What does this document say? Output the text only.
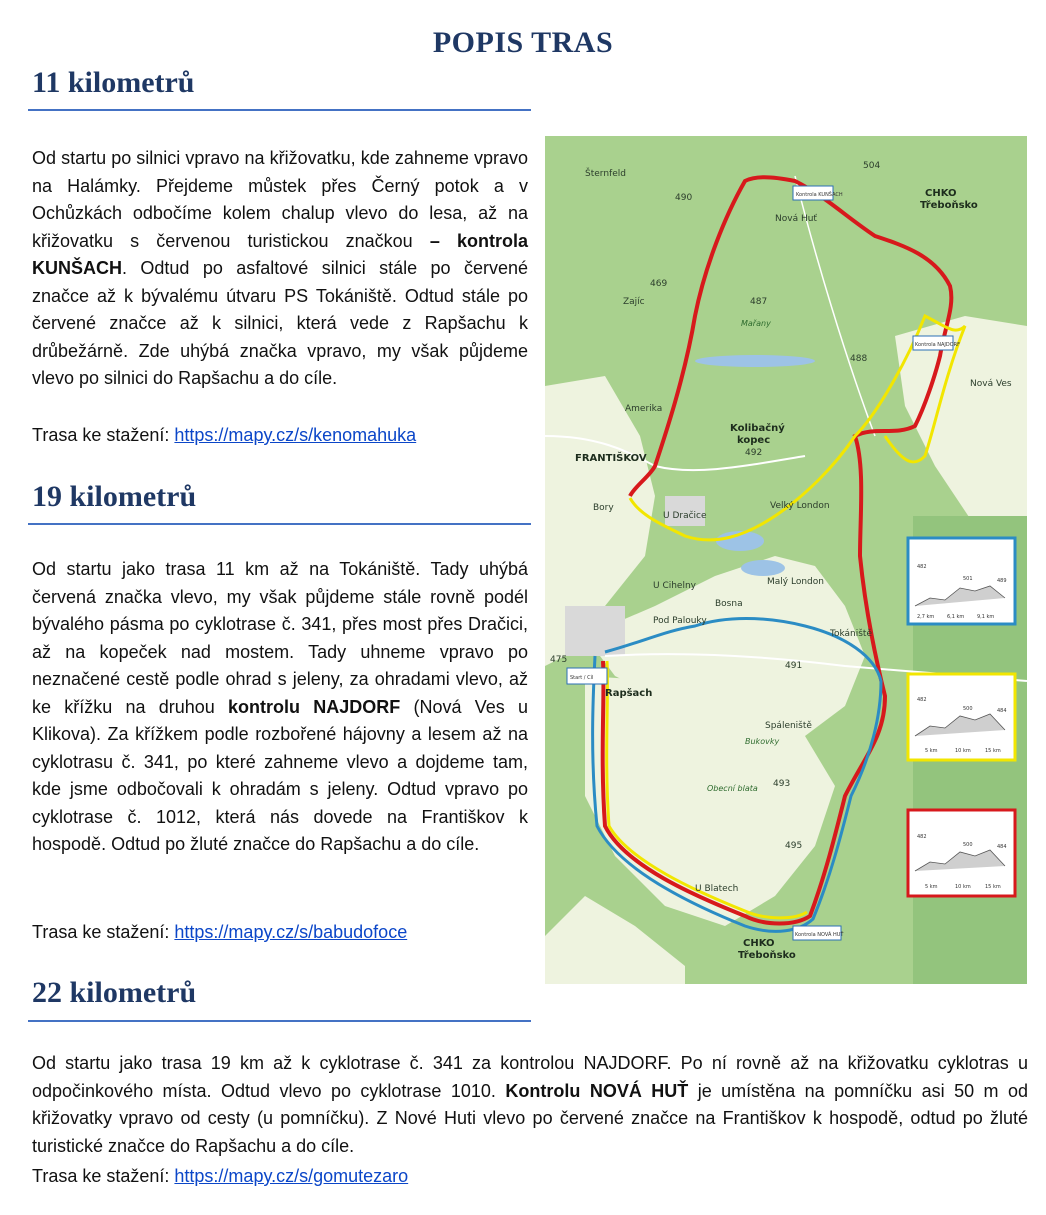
POPIS TRAS
11 kilometrů

Od startu po silnici vpravo na křižovatku, kde zahneme vpravo na Halámky. Přejdeme můstek přes Černý potok a v Ochůzkách odbočíme kolem chalup vlevo do lesa, až na křižovatku s červenou turistickou značkou – kontrola KUNŠACH. Odtud po asfaltové silnici stále po červené značce až k bývalému útvaru PS Tokániště. Odtud stále po červené značce až k silnici, která vede z Rapšachu k drůbežárně. Zde uhýbá značka vpravo, my však půjdeme vlevo po silnici do Rapšachu a do cíle.

Trasa ke stažení: https://mapy.cz/s/kenomahuka

19 kilometrů

Od startu jako trasa 11 km až na Tokániště. Tady uhýbá červená značka vlevo, my však půjdeme stále rovně podél bývalého pásma po cyklotrase č. 341, přes most přes Dračici, až na kopeček nad mostem. Tady uhneme vpravo po neznačené cestě podle ohrad s jeleny, za ohradami vlevo, až ke křížku na druhou kontrolu NAJDORF (Nová Ves u Klikova). Za křížkem podle rozbořené hájovny a lesem až na cyklotrasu č. 341, po které zahneme vlevo a dojdeme tam, kde jsme odbočovali k ohradám s jeleny. Odtud vpravo po cyklotrase č. 1012, která nás dovede na Františkov k hospodě. Odtud po žluté značce do Rapšachu a do cíle.

Trasa ke stažení: https://mapy.cz/s/babudofoce

22 kilometrů

Od startu jako trasa 19 km až k cyklotrase č. 341 za kontrolou NAJDORF. Po ní rovně až na křižovatku cyklotras u odpočinkového místa. Odtud vlevo po cyklotrase 1010. Kontrolu NOVÁ HUŤ je umístěna na pomníčku asi 50 m od křižovatky vpravo od cesty (u pomníčku). Z Nové Huti vlevo po červené značce na Františkov k hospodě, odtud po žluté turistické značce do Rapšachu a do cíle.

Trasa ke stažení: https://mapy.cz/s/gomutezaro

CHKO
Třeboňsko
CHKO
Třeboňsko
FRANTIŠKOV
Rapšach
Tokániště
Spáleniště
Nová Huť
Nová Ves
Kolibačný
kopec
492
Velký London
Malý London
Bosna
Pod Palouky
U Dračice
U Cihelny
Bory
Zajíc
Amerika
Mařany
Bukovky
Obecní blata
U Blatech
Šternfeld
469
490
487
491
493
495
475
504
488
Kontrola KUNŠACH
Kontrola NAJDORF
Kontrola NOVÁ HUŤ
Start / Cíl
482
501	489
2,7 km	6,1 km	9,1 km
482
500	484
5 km	10 km	15 km
482
500	484
5 km	10 km	15 km
